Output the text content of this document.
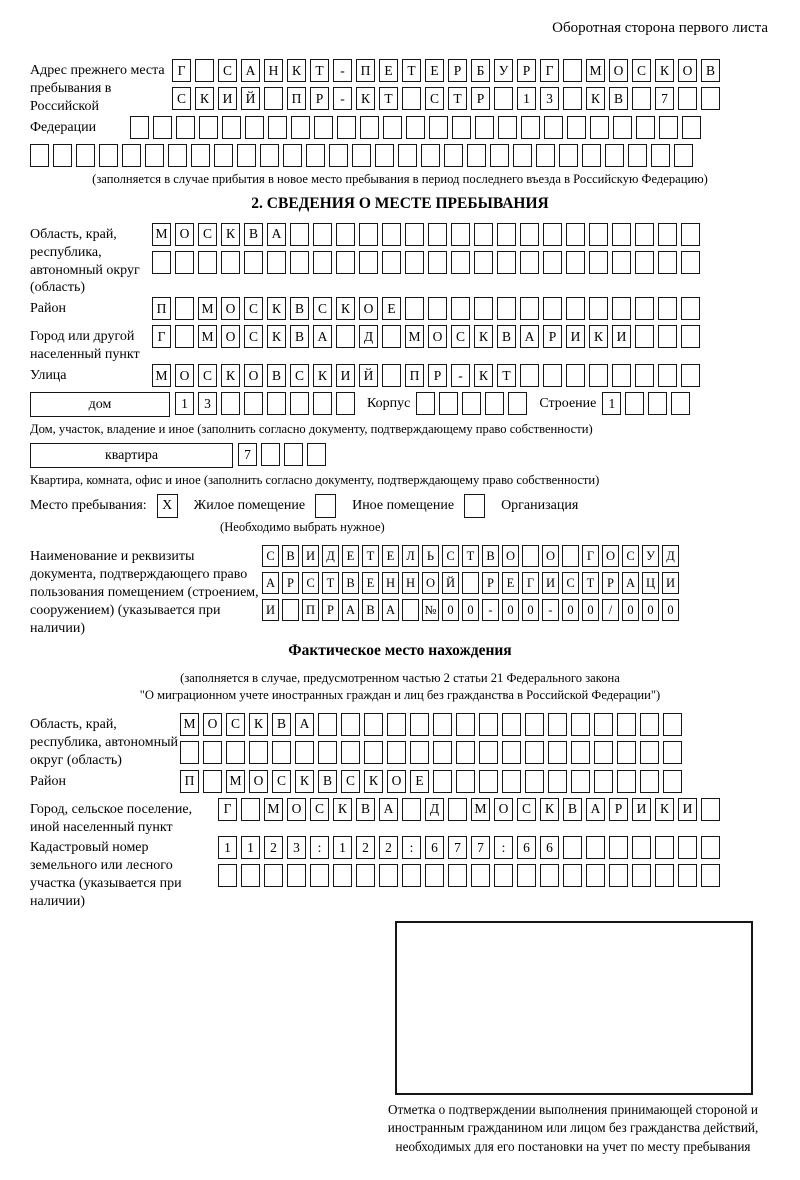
Оборотная сторона первого листа
Адрес прежнего места пребывания в Российской
Г	С	А Н	К	Т	-	П	Е	Т	Е	Р	Б	У	Р	Г	М О	С	К	О	В
С	К	И Й	П	Р	-	К	Т	С	Т	Р	1	3	К	В	7
Федерации
(заполняется в случае прибытия в новое место пребывания в период последнего въезда в Российскую Федерацию)
2. СВЕДЕНИЯ О МЕСТЕ ПРЕБЫВАНИЯ
Область, край, республика, автономный округ (область)
М О	С	К	В	А
Район	П	М О	С	К	В	С	К	О	Е
Город или другой населенный пункт
Г	М О	С	К	В	А	Д	М О	С	К	В	А	Р	И	К	И
Улица	М О	С	К	О	В	С	К	И Й	П	Р	-	К	Т
дом	1	3	Корпус	Строение 1
Дом, участок, владение и иное (заполнить согласно документу, подтверждающему право собственности)
квартира	7
Квартира, комната, офис и иное (заполнить согласно документу, подтверждающему право собственности)
Место пребывания:	X	Жилое помещение	Иное помещение	Организация
(Необходимо выбрать нужное)
Наименование и реквизиты документа, подтверждающего право пользования помещением (строением, сооружением) (указывается при наличии)
С В И Д Е Т Е Л Ь С Т В О	О	Г О С У Д
А Р С Т В Е Н Н О Й	Р	Е	Г И С Т	Р А Ц И
И	П Р А В А	№ 0	0	-	0	0	-	0	0	/	0	0	0
Фактическое место нахождения
(заполняется в случае, предусмотренном частью 2 статьи 21 Федерального закона
"О миграционном учете иностранных граждан и лиц без гражданства в Российской Федерации")
Область, край, республика, автономный округ (область)
М О	С	К	В	А
Район	П	М О	С	К	В	С	К	О	Е
Город, сельское поселение, иной населенный пункт
Г	М О	С	К	В	А	Д	М О	С	К	В	А	Р	И	К	И
Кадастровый номер земельного или лесного участка (указывается при наличии)
1	1	2	3	:	1	2	2	:	6	7	7	:	6	6
Отметка о подтверждении выполнения принимающей стороной и иностранным гражданином или лицом без гражданства действий, необходимых для его постановки на учет по месту пребывания
